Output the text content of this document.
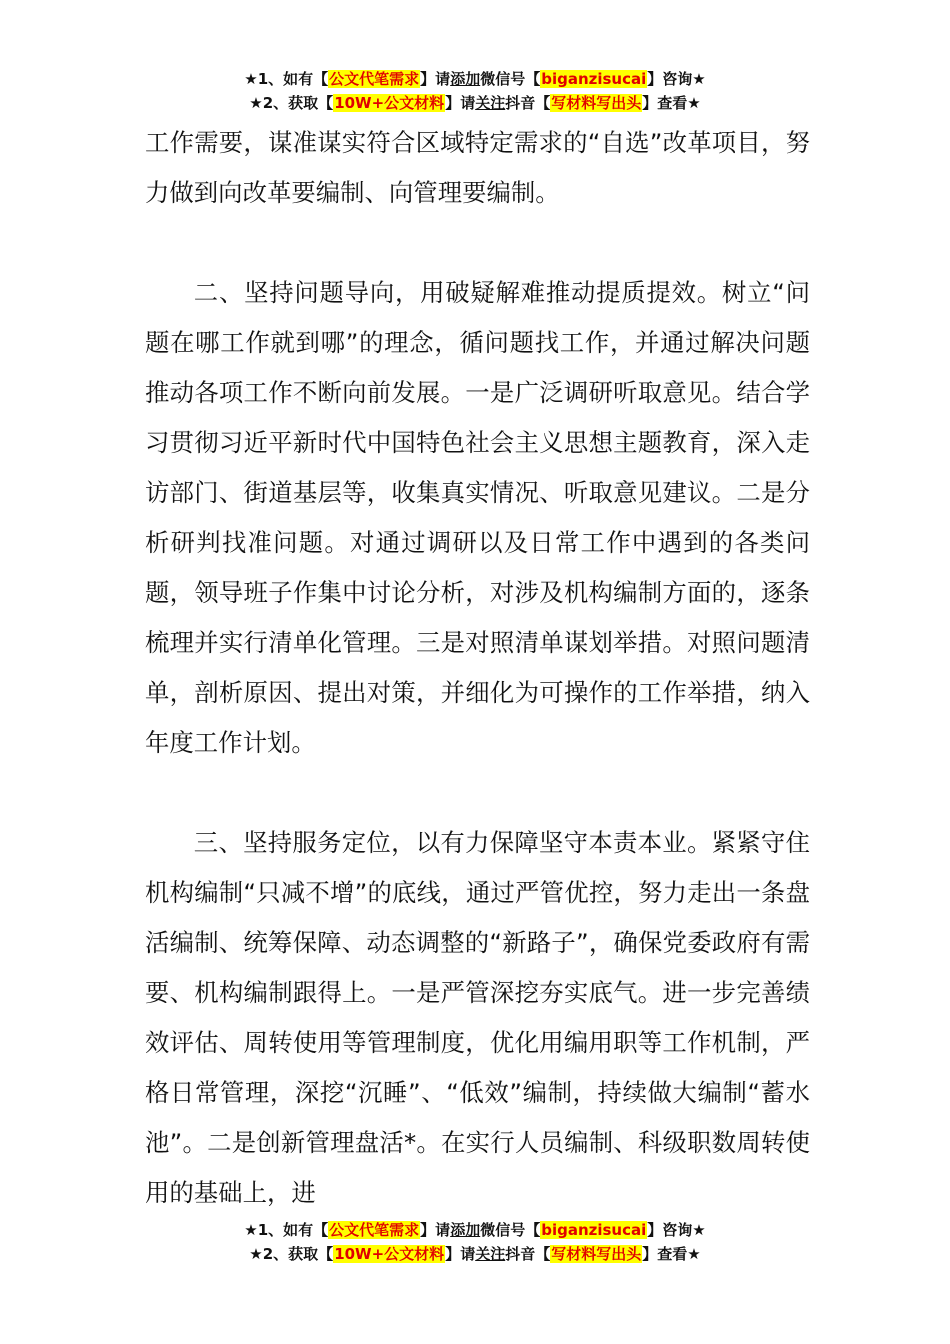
★1、如有【公文代笔需求】请添加微信号【biganzisucai】咨询★
★2、获取【10W+公文材料】请关注抖音【写材料写出头】查看★

工作需要，谋准谋实符合区域特定需求的“自选”改革项目，努力做到向改革要编制、向管理要编制。

二、坚持问题导向，用破疑解难推动提质提效。树立“问题在哪工作就到哪”的理念，循问题找工作，并通过解决问题推动各项工作不断向前发展。一是广泛调研听取意见。结合学习贯彻习近平新时代中国特色社会主义思想主题教育，深入走访部门、街道基层等，收集真实情况、听取意见建议。二是分析研判找准问题。对通过调研以及日常工作中遇到的各类问题，领导班子作集中讨论分析，对涉及机构编制方面的，逐条梳理并实行清单化管理。三是对照清单谋划举措。对照问题清单，剖析原因、提出对策，并细化为可操作的工作举措，纳入年度工作计划。

三、坚持服务定位，以有力保障坚守本责本业。紧紧守住机构编制“只减不增”的底线，通过严管优控，努力走出一条盘活编制、统筹保障、动态调整的“新路子”，确保党委政府有需要、机构编制跟得上。一是严管深挖夯实底气。进一步完善绩效评估、周转使用等管理制度，优化用编用职等工作机制，严格日常管理，深挖“沉睡”、“低效”编制，持续做大编制“蓄水池”。二是创新管理盘活*。在实行人员编制、科级职数周转使用的基础上，进

★1、如有【公文代笔需求】请添加微信号【biganzisucai】咨询★
★2、获取【10W+公文材料】请关注抖音【写材料写出头】查看★
